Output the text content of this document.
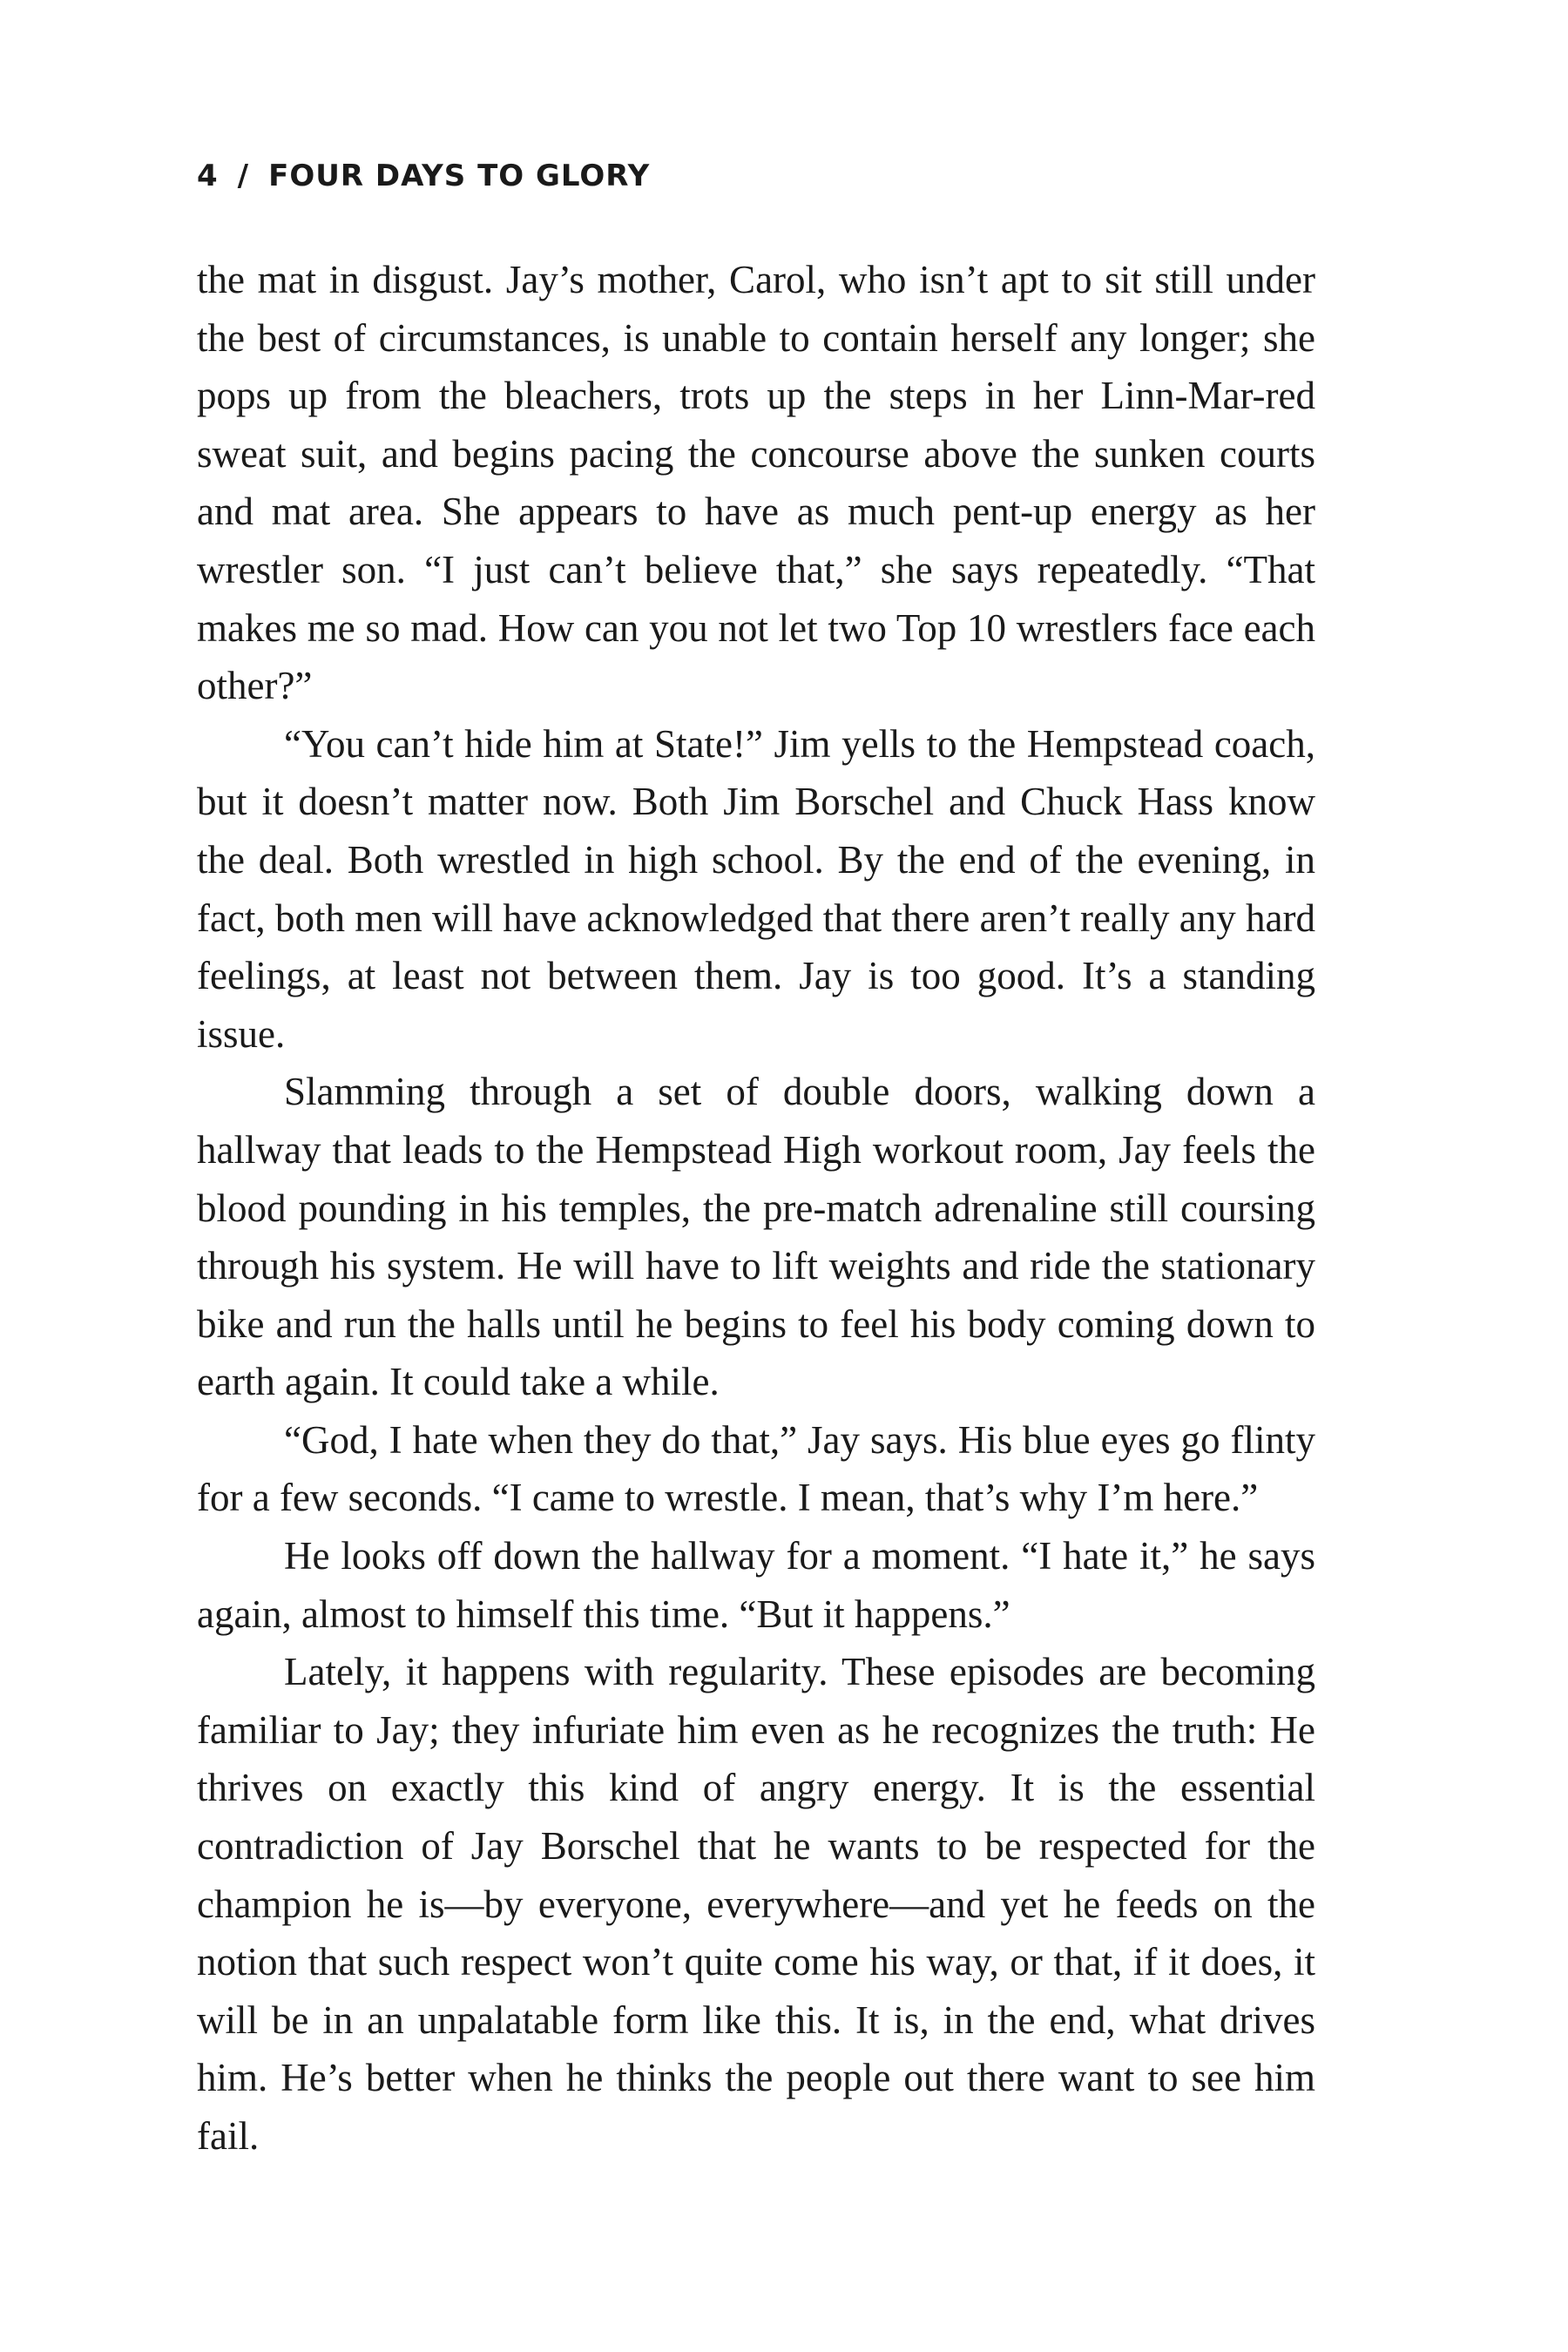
4 / FOUR DAYS TO GLORY

the mat in disgust. Jay’s mother, Carol, who isn’t apt to sit still under the best of circumstances, is unable to contain herself any longer; she pops up from the bleachers, trots up the steps in her Linn-Mar-red sweat suit, and begins pacing the concourse above the sunken courts and mat area. She appears to have as much pent-up energy as her wrestler son. “I just can’t believe that,” she says repeatedly. “That makes me so mad. How can you not let two Top 10 wrestlers face each other?”

“You can’t hide him at State!” Jim yells to the Hempstead coach, but it doesn’t matter now. Both Jim Borschel and Chuck Hass know the deal. Both wrestled in high school. By the end of the evening, in fact, both men will have acknowledged that there aren’t really any hard feelings, at least not between them. Jay is too good. It’s a standing issue.

Slamming through a set of double doors, walking down a hallway that leads to the Hempstead High workout room, Jay feels the blood pounding in his temples, the pre-match adrenaline still coursing through his system. He will have to lift weights and ride the stationary bike and run the halls until he begins to feel his body coming down to earth again. It could take a while.

“God, I hate when they do that,” Jay says. His blue eyes go flinty for a few seconds. “I came to wrestle. I mean, that’s why I’m here.”

He looks off down the hallway for a moment. “I hate it,” he says again, almost to himself this time. “But it happens.”

Lately, it happens with regularity. These episodes are becoming familiar to Jay; they infuriate him even as he recognizes the truth: He thrives on exactly this kind of angry energy. It is the essential contradiction of Jay Borschel that he wants to be respected for the champion he is—by everyone, everywhere—and yet he feeds on the notion that such respect won’t quite come his way, or that, if it does, it will be in an unpalatable form like this. It is, in the end, what drives him. He’s better when he thinks the people out there want to see him fail.
